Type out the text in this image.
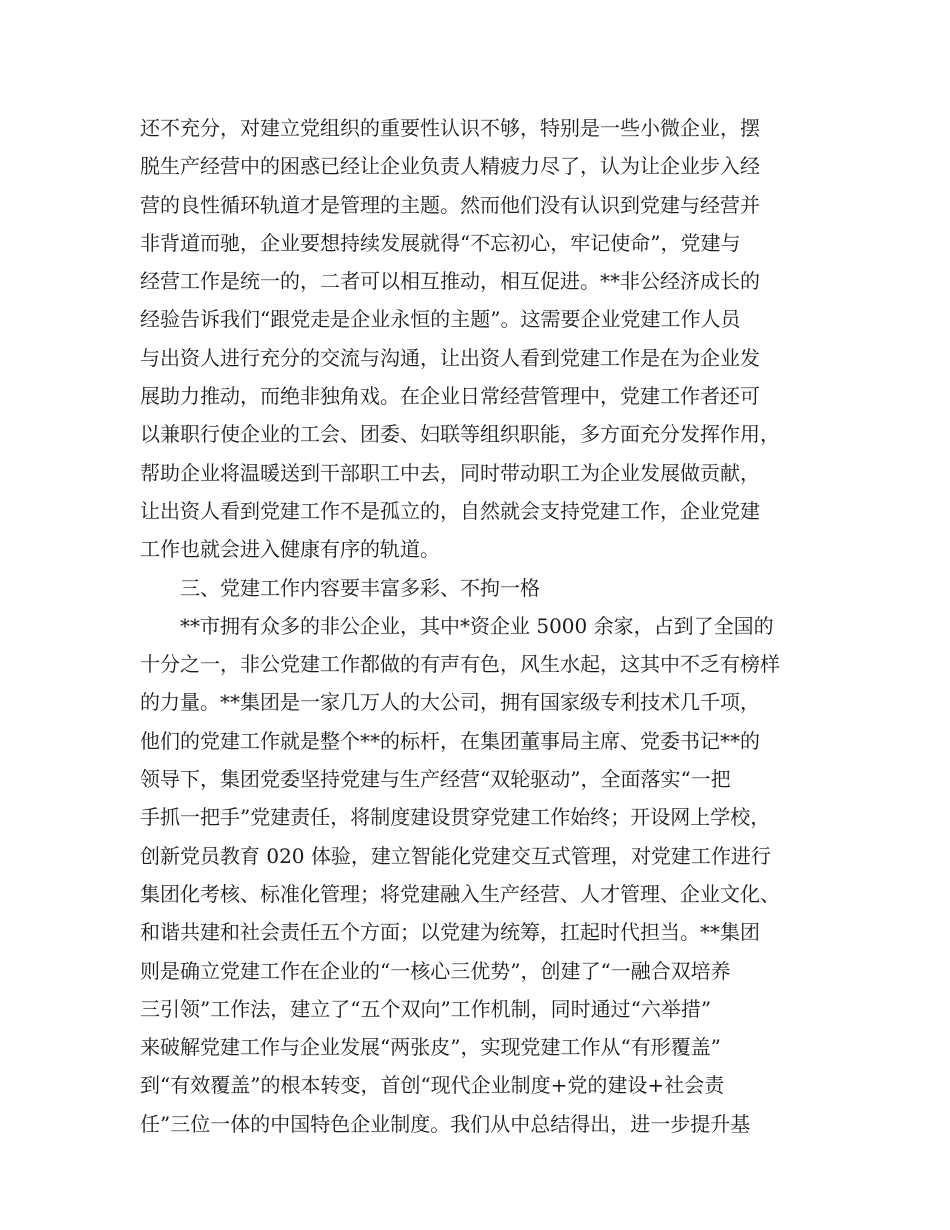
还不充分，对建立党组织的重要性认识不够，特别是一些小微企业，摆
脱生产经营中的困惑已经让企业负责人精疲力尽了，认为让企业步入经
营的良性循环轨道才是管理的主题。然而他们没有认识到党建与经营并
非背道而驰，企业要想持续发展就得“不忘初心，牢记使命”，党建与
经营工作是统一的，二者可以相互推动，相互促进。**非公经济成长的
经验告诉我们“跟党走是企业永恒的主题”。这需要企业党建工作人员
与出资人进行充分的交流与沟通，让出资人看到党建工作是在为企业发
展助力推动，而绝非独角戏。在企业日常经营管理中，党建工作者还可
以兼职行使企业的工会、团委、妇联等组织职能，多方面充分发挥作用，
帮助企业将温暖送到干部职工中去，同时带动职工为企业发展做贡献，
让出资人看到党建工作不是孤立的，自然就会支持党建工作，企业党建
工作也就会进入健康有序的轨道。
三、党建工作内容要丰富多彩、不拘一格
**市拥有众多的非公企业，其中*资企业 5000 余家，占到了全国的
十分之一，非公党建工作都做的有声有色，风生水起，这其中不乏有榜样
的力量。**集团是一家几万人的大公司，拥有国家级专利技术几千项，
他们的党建工作就是整个**的标杆，在集团董事局主席、党委书记**的
领导下，集团党委坚持党建与生产经营“双轮驱动”，全面落实“一把
手抓一把手”党建责任，将制度建设贯穿党建工作始终；开设网上学校，
创新党员教育 020 体验，建立智能化党建交互式管理，对党建工作进行
集团化考核、标准化管理；将党建融入生产经营、人才管理、企业文化、
和谐共建和社会责任五个方面；以党建为统筹，扛起时代担当。**集团
则是确立党建工作在企业的“一核心三优势”，创建了“一融合双培养
三引领”工作法，建立了“五个双向”工作机制，同时通过“六举措”
来破解党建工作与企业发展“两张皮”，实现党建工作从“有形覆盖”
到“有效覆盖”的根本转变，首创“现代企业制度+党的建设+社会责
任”三位一体的中国特色企业制度。我们从中总结得出，进一步提升基
